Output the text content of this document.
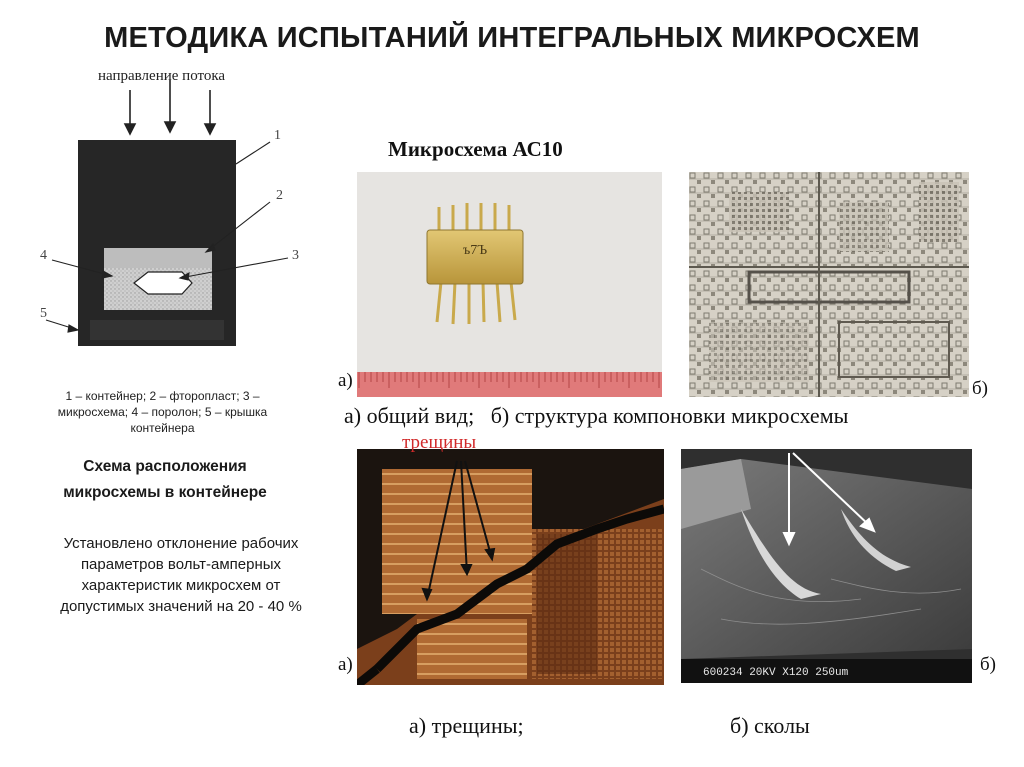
МЕТОДИКА ИСПЫТАНИЙ ИНТЕГРАЛЬНЫХ МИКРОСХЕМ
направление потока
1
2
3
4
5
1 – контейнер; 2 – фторопласт; 3 – микросхема; 4 – поролон; 5 – крышка контейнера
Схема расположения
микросхемы в контейнере
Установлено отклонение рабочих параметров вольт-амперных характеристик микросхем от допустимых значений на 20 - 40 %
Микросхема АС10
ъ7Ъ
а)	б)
а) общий вид;   б) структура компоновки микросхемы
трещины
а)	600234 20KV X120 250um	б)
а) трещины;	б) сколы
